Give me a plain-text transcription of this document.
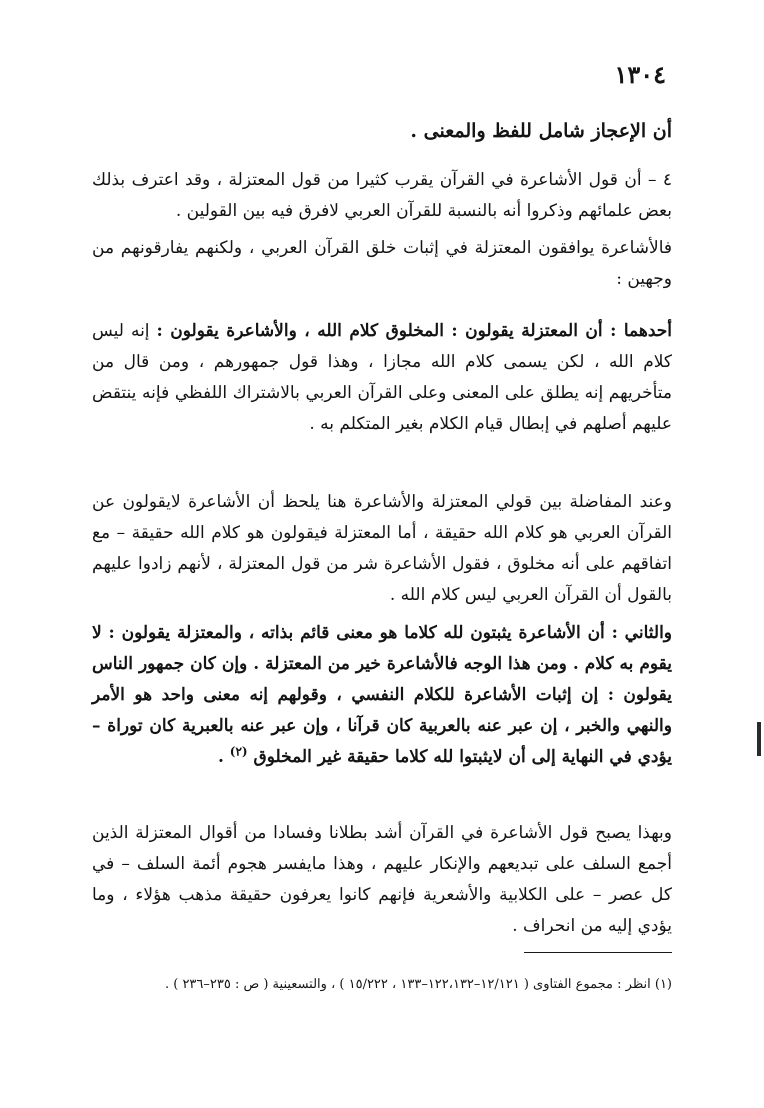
١٣٠٤

أن الإعجاز شامل للفظ والمعنى .

٤ – أن قول الأشاعرة في القرآن يقرب كثيرا من قول المعتزلة ، وقد اعترف بذلك بعض علمائهم وذكروا أنه بالنسبة للقرآن العربي لافرق فيه بين القولين .

فالأشاعرة يوافقون المعتزلة في إثبات خلق القرآن العربي ، ولكنهم يفارقونهم من وجهين :

أحدهما : أن المعتزلة يقولون : المخلوق كلام الله ، والأشاعرة يقولون : إنه ليس كلام الله ، لكن يسمى كلام الله مجازا ، وهذا قول جمهورهم ، ومن قال من متأخريهم إنه يطلق على المعنى وعلى القرآن العربي بالاشتراك اللفظي فإنه ينتقض عليهم أصلهم في إبطال قيام الكلام بغير المتكلم به .

وعند المفاضلة بين قولي المعتزلة والأشاعرة هنا يلحظ أن الأشاعرة لايقولون عن القرآن العربي هو كلام الله حقيقة ، أما المعتزلة فيقولون هو كلام الله حقيقة – مع اتفاقهم على أنه مخلوق ، فقول الأشاعرة شر من قول المعتزلة ، لأنهم زادوا عليهم بالقول أن القرآن العربي ليس كلام الله .

والثاني : أن الأشاعرة يثبتون لله كلاما هو معنى قائم بذاته ، والمعتزلة يقولون : لا يقوم به كلام . ومن هذا الوجه فالأشاعرة خير من المعتزلة . وإن كان جمهور الناس يقولون : إن إثبات الأشاعرة للكلام النفسي ، وقولهم إنه معنى واحد هو الأمر والنهي والخبر ، إن عبر عنه بالعربية كان قرآنا ، وإن عبر عنه بالعبرية كان توراة – يؤدي في النهاية إلى أن لايثبتوا لله كلاما حقيقة غير المخلوق $^{(٢)}$ .

وبهذا يصبح قول الأشاعرة في القرآن أشد بطلانا وفسادا من أقوال المعتزلة الذين أجمع السلف على تبديعهم والإنكار عليهم ، وهذا مايفسر هجوم أئمة السلف – في كل عصر – على الكلابية والأشعرية فإنهم كانوا يعرفون حقيقة مذهب هؤلاء ، وما يؤدي إليه من انحراف .

(١) انظر : مجموع الفتاوى ( ١٢/١٢١–١٢٢،١٣٢–١٣٣ ، ١٥/٢٢٢ ) ، والتسعينية ( ص : ٢٣٥–٢٣٦ ) .
